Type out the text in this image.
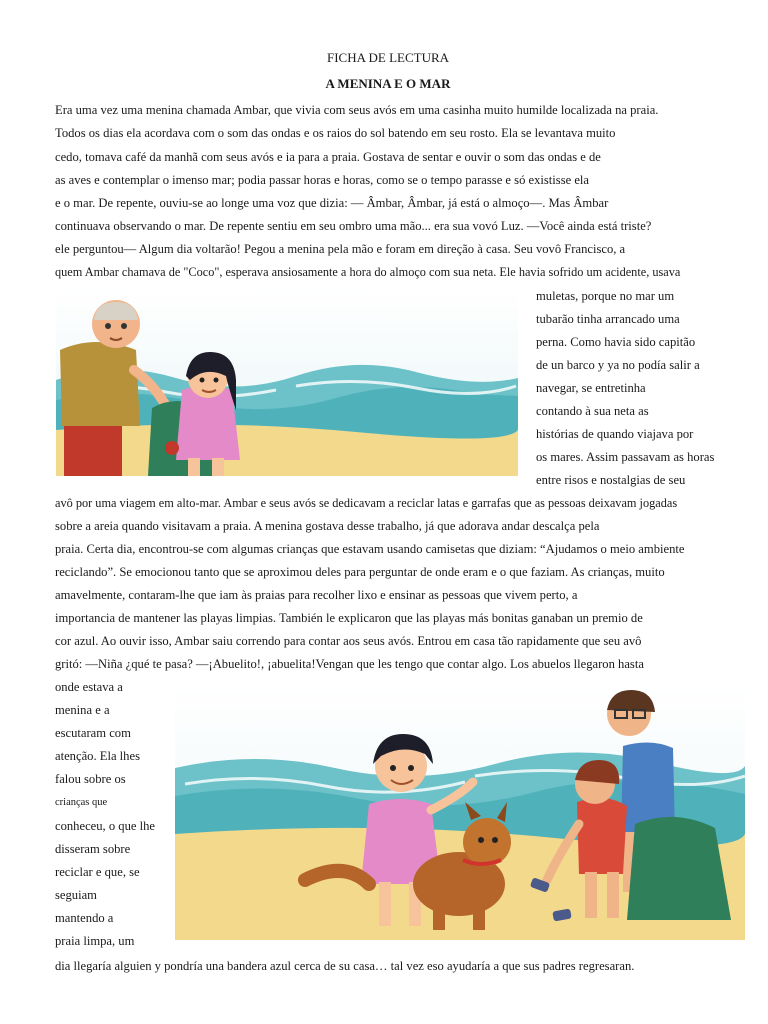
FICHA DE LECTURA
A MENINA E O MAR
Era uma vez uma menina chamada Ambar, que vivia com seus avós em uma casinha muito humilde localizada na praia.
Todos os dias ela acordava com o som das ondas e os raios do sol batendo em seu rosto. Ela se levantava muito
cedo, tomava café da manhã com seus avós e ia para a praia. Gostava de sentar e ouvir o som das ondas e de
as aves e contemplar o imenso mar; podia passar horas e horas, como se o tempo parasse e só existisse ela
e o mar. De repente, ouviu-se ao longe uma voz que dizia: — Âmbar, Âmbar, já está o almoço—. Mas Âmbar
continuava observando o mar. De repente sentiu em seu ombro uma mão... era sua vovó Luz. —Você ainda está triste?
ele perguntou— Algum dia voltarão! Pegou a menina pela mão e foram em direção à casa. Seu vovô Francisco, a
quem Ambar chamava de "Coco", esperava ansiosamente a hora do almoço com sua neta. Ele havia sofrido um acidente, usava
muletas, porque no mar um
tubarão tinha arrancado uma
perna. Como havia sido capitão
de un barco y ya no podía salir a
navegar, se entretinha
contando à sua neta as
histórias de quando viajava por
os mares. Assim passavam as horas
entre risos e nostalgias de seu
avô por uma viagem em alto-mar. Ambar e seus avós se dedicavam a reciclar latas e garrafas que as pessoas deixavam jogadas
sobre a areia quando visitavam a praia. A menina gostava desse trabalho, já que adorava andar descalça pela
praia. Certa dia, encontrou-se com algumas crianças que estavam usando camisetas que diziam: “Ajudamos o meio ambiente
reciclando”. Se emocionou tanto que se aproximou deles para perguntar de onde eram e o que faziam. As crianças, muito
amavelmente, contaram-lhe que iam às praias para recolher lixo e ensinar as pessoas que vivem perto, a
importancia de mantener las playas limpias. También le explicaron que las playas más bonitas ganaban un premio de
cor azul. Ao ouvir isso, Ambar saiu correndo para contar aos seus avós. Entrou em casa tão rapidamente que seu avô
gritó: —Niña ¿qué te pasa? —¡Abuelito!, ¡abuelita!Vengan que les tengo que contar algo. Los abuelos llegaron hasta
onde estava a
menina e a
escutaram com
atenção. Ela lhes
falou sobre os
crianças que
conheceu, o que lhe
disseram sobre
reciclar e que, se
seguiam
mantendo a
praia limpa, um
dia llegaría alguien y pondría una bandera azul cerca de su casa… tal vez eso ayudaría a que sus padres regresaran.
